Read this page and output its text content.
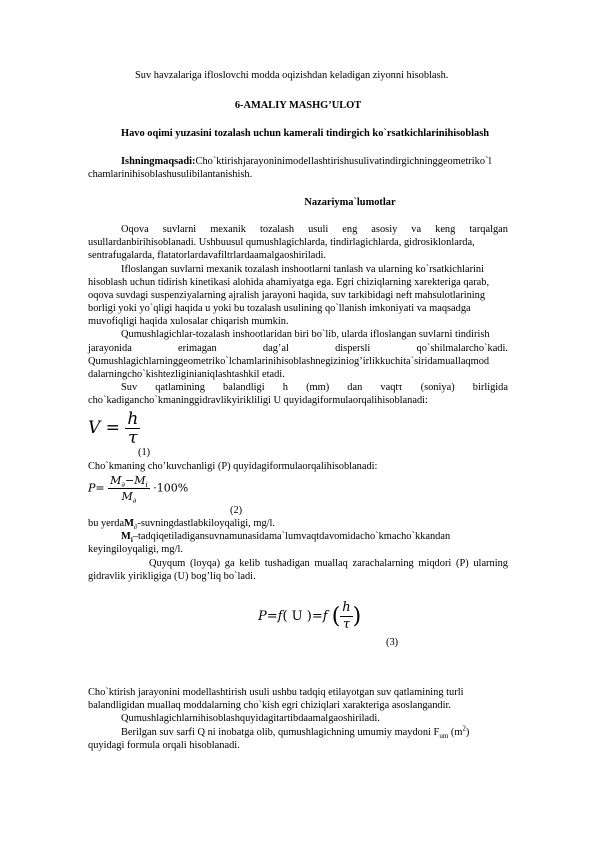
Suv havzalariga ifloslovchi modda oqizishdan keladigan ziyonni hisoblash.
6-AMALIY MASHG’ULOT
Havo oqimi yuzasini tozalash uchun kamerali tindirgich ko`rsatkichlarinihisoblash
Ishningmaqsadi:Cho`ktirishjarayoninimodellashtirishusulivatindirgichninggeometriko`l
chamlarinihisoblashusulibilantanishish.
Nazariyma`lumotlar
Oqova suvlarni mexanik tozalash usuli eng asosiy va keng tarqalgan
usullardanbirihisoblanadi. Ushbuusul qumushlagichlarda, tindirlagichlarda, gidrosiklonlarda,
sentrafugalarda, flatatorlardavafiltrlardaamalgaoshiriladi.
Ifloslangan suvlarni mexanik tozalash inshootlarni tanlash va ularning ko`rsatkichlarini
hisoblash uchun tidirish kinetikasi alohida ahamiyatga ega. Egri chiziqlarning xarekteriga qarab,
oqova suvdagi suspenziyalarning ajralish jarayoni haqida, suv tarkibidagi neft mahsulotlarining
borligi yoki yo`qligi haqida u yoki bu tozalash usulining qo`llanish imkoniyati va maqsadga
muvofiqligi haqida xulosalar chiqarish mumkin.
Qumushlagichlar-tozalash inshootlaridan biri bo`lib, ularda ifloslangan suvlarni tindirish
jarayonida erimagan dag’al dispersli qo`shilmalarcho`kadi.
Qumushlagichlarninggeometriko`lchamlarinihisoblashnegiziniog’irlikkuchita`siridamuallaqmod
dalarningcho`kishtezliginianiqlashtashkil etadi.
Suv qatlamining balandligi h (mm) dan vaqtτ (soniya) birligida
cho`kadigancho`kmaninggidravlikyirikliligi U quyidagiformulaorqalihisoblanadi:
$V = \frac{h}{\tau}$
(1)
Cho`kmaning cho’kuvchanligi (P) quyidagiformulaorqalihisoblanadi:
$P= \frac{M_\partial-M_i}{M_\partial} \cdot 100\%$
(2)
bu yerdaM$_\partial$-suvningdastlabkiloyqaligi, mg/l.
$M_i-tadqiqetiladigansuvnamunasidama`lumvaqtdavomidacho`kmacho`kkandan$
keyingiloyqaligi, mg/l.
Quyqum (loyqa) ga kelib tushadigan muallaq zarachalarning miqdori (P) ularning
gidravlik yirikligiga (U) bog’liq bo`ladi.
P=f( U )=f ( $\frac{h}{\tau}$ )
(3)
Cho`ktirish jarayonini modellashtirish usuli ushbu tadqiq etilayotgan suv qatlamining turli
balandligidan muallaq moddalarning cho`kish egri chiziqlari xarakteriga asoslangandir.
Qumushlagichlarnihisoblashquyidagitartibdaamalgaoshiriladi.
Berilgan suv sarfi Q ni inobatga olib, qumushlagichning umumiy maydoni $F_{um}$ $(m^2)$
quyidagi formula orqali hisoblanadi.
